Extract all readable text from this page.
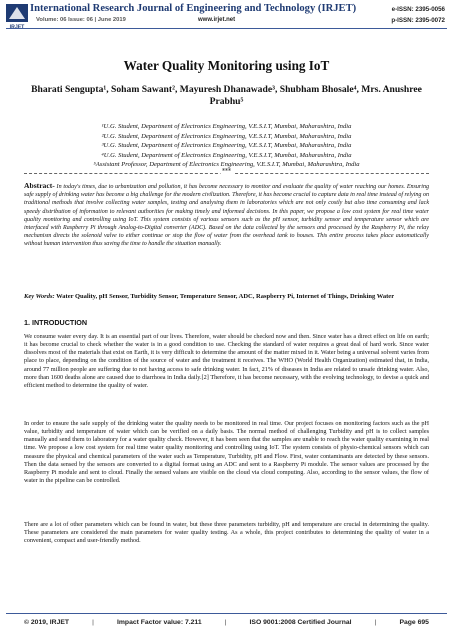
IRJET
International Research Journal of Engineering and Technology (IRJET)
Volume: 06 Issue: 06 | June 2019	www.irjet.net
e-ISSN: 2395-0056
p-ISSN: 2395-0072
Water Quality Monitoring using IoT
Bharati Sengupta¹, Soham Sawant², Mayuresh Dhanawade³, Shubham Bhosale⁴, Mrs. Anushree Prabhu⁵
¹U.G. Student, Department of Electronics Engineering, V.E.S.I.T, Mumbai, Maharashtra, India
²U.G. Student, Department of Electronics Engineering, V.E.S.I.T, Mumbai, Maharashtra, India
³U.G. Student, Department of Electronics Engineering, V.E.S.I.T, Mumbai, Maharashtra, India
⁴U.G. Student, Department of Electronics Engineering, V.E.S.I.T, Mumbai, Maharashtra, India
⁵Assistant Professor, Department of Electronics Engineering, V.E.S.I.T, Mumbai, Maharashtra, India
***
Abstract- In today's times, due to urbanization and pollution, it has become necessary to monitor and evaluate the quality of water reaching our homes. Ensuring safe supply of drinking water has become a big challenge for the modern civilization. Therefore, it has become crucial to capture data in real time instead of relying on traditional methods that involve collecting water samples, testing and analysing them in laboratories which are not only costly but also time consuming and lack speedy distribution of information to relevant authorities for making timely and informed decisions. In this paper, we propose a low cost system for real time water quality monitoring and controlling using IoT. This system consists of various sensors such as the pH sensor, turbidity sensor and temperature sensor which are interfaced with Raspberry Pi through Analog-to-Digital converter (ADC). Based on the data collected by the sensors and processed by the Raspberry Pi, the relay mechanism directs the solenoid valve to either continue or stop the flow of water from the overhead tank to houses. This entire process takes place automatically without human intervention thus saving the time to handle the situation manually.
Key Words: Water Quality, pH Sensor, Turbidity Sensor, Temperature Sensor, ADC, Raspberry Pi, Internet of Things, Drinking Water
1. INTRODUCTION
We consume water every day. It is an essential part of our lives. Therefore, water should be checked now and then. Since water has a direct effect on life on earth; it has become crucial to check whether the water is in a good condition to use. Checking the standard of water requires a great deal of hard work. Since water dissolves most of the materials that exist on Earth, it is very difficult to determine the amount of the matter mixed in it. Water being a universal solvent varies from place to place, depending on the condition of the source of water and the treatment it receives. The WHO (World Health Organization) estimated that, in India, around 77 million people are suffering due to not having access to safe drinking water. In fact, 21% of diseases in India are related to unsafe drinking water. Also, more than 1600 deaths alone are caused due to diarrhoea in India daily.[2] Therefore, it has become necessary, with the evolving technology, to devise a quick and efficient method to determine the quality of water.
In order to ensure the safe supply of the drinking water the quality needs to be monitored in real time. Our project focuses on monitoring factors such as the pH value, turbidity and temperature of water which can be verified on a daily basis. The normal method of challenging Turbidity and pH is to collect samples manually and send them to laboratory for a water quality check. However, it has been seen that the samples are unable to reach the water quality examining in real time. We propose a low cost system for real time water quality monitoring and controlling using IoT. The system consists of physio-chemical sensors which can measure the physical and chemical parameters of the water such as Temperature, Turbidity, pH and Flow. First, water contaminants are detected by these sensors. Then the data sensed by the sensors are converted to a digital format using an ADC and sent to a Raspberry Pi module. The sensor values are processed by the Raspberry Pi module and sent to cloud. Finally the sensed values are visible on the cloud via cloud computing. Also, according to the sensor values, the flow of water in the pipeline can be controlled.
There are a lot of other parameters which can be found in water, but these three parameters turbidity, pH and temperature are crucial in determining the quality. These parameters are considered the main parameters for water quality testing. As a whole, this project contributes to determining the quality of water in a convenient, compact and user-friendly method.
© 2019, IRJET	|	Impact Factor value: 7.211	|	ISO 9001:2008 Certified Journal	|	Page 695
